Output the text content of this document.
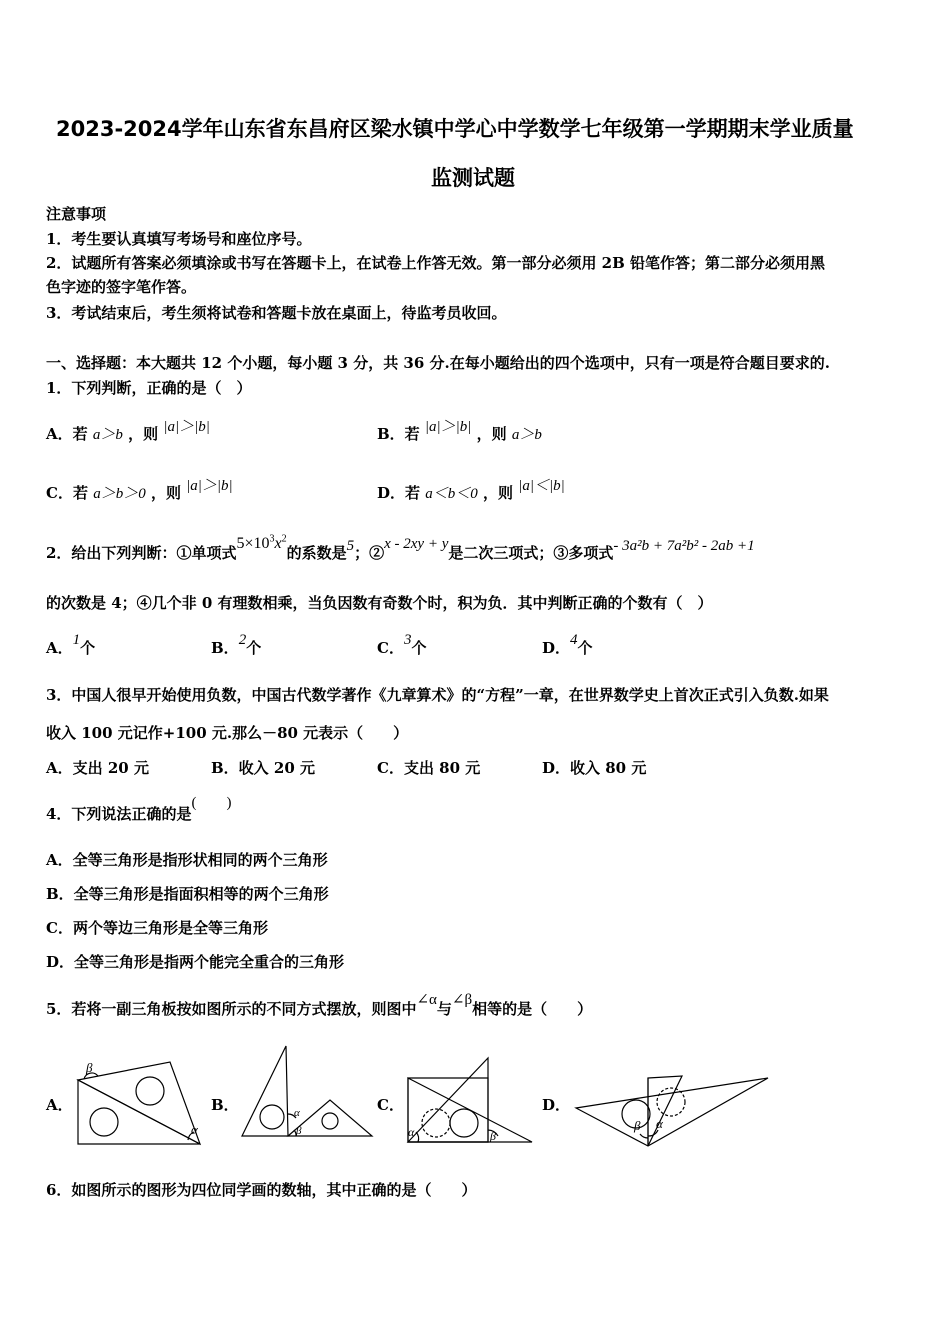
2023-2024学年山东省东昌府区梁水镇中学心中学数学七年级第一学期期末学业质量
监测试题
注意事项
1．考生要认真填写考场号和座位序号。
2．试题所有答案必须填涂或书写在答题卡上，在试卷上作答无效。第一部分必须用 2B 铅笔作答；第二部分必须用黑
色字迹的签字笔作答。
3．考试结束后，考生须将试卷和答题卡放在桌面上，待监考员收回。
一、选择题：本大题共 12 个小题，每小题 3 分，共 36 分.在每小题给出的四个选项中，只有一项是符合题目要求的.
1．下列判断，正确的是（　）
A．若 a＞b ，则 |a|＞|b|	B．若 |a|＞|b| ，则 a＞b
C．若 a＞b＞0 ，则 |a|＞|b|	D．若 a＜b＜0 ，则 |a|＜|b|
2．给出下列判断：①单项式$5\times 10^3x^2$的系数是5；②x - 2xy + y是二次三项式；③多项式- 3a²b + 7a²b² - 2ab +1
的次数是 4；④几个非 0 有理数相乘，当负因数有奇数个时，积为负．其中判断正确的个数有（　）
A．1个	B．2个	C．3个	D．4个
3．中国人很早开始使用负数，中国古代数学著作《九章算术》的“方程”一章，在世界数学史上首次正式引入负数.如果
收入 100 元记作+100 元.那么－80 元表示（　　）
A．支出 20 元	B．收入 20 元	C．支出 80 元	D．收入 80 元
4．下列说法正确的是(　　)
A．全等三角形是指形状相同的两个三角形
B．全等三角形是指面积相等的两个三角形
C．两个等边三角形是全等三角形
D．全等三角形是指两个能完全重合的三角形
5．若将一副三角板按如图所示的不同方式摆放，则图中∠α与∠β相等的是（　　）
A．	B．	C．	D．
β
α
α
β	α	β
β α
6．如图所示的图形为四位同学画的数轴，其中正确的是（　　）
